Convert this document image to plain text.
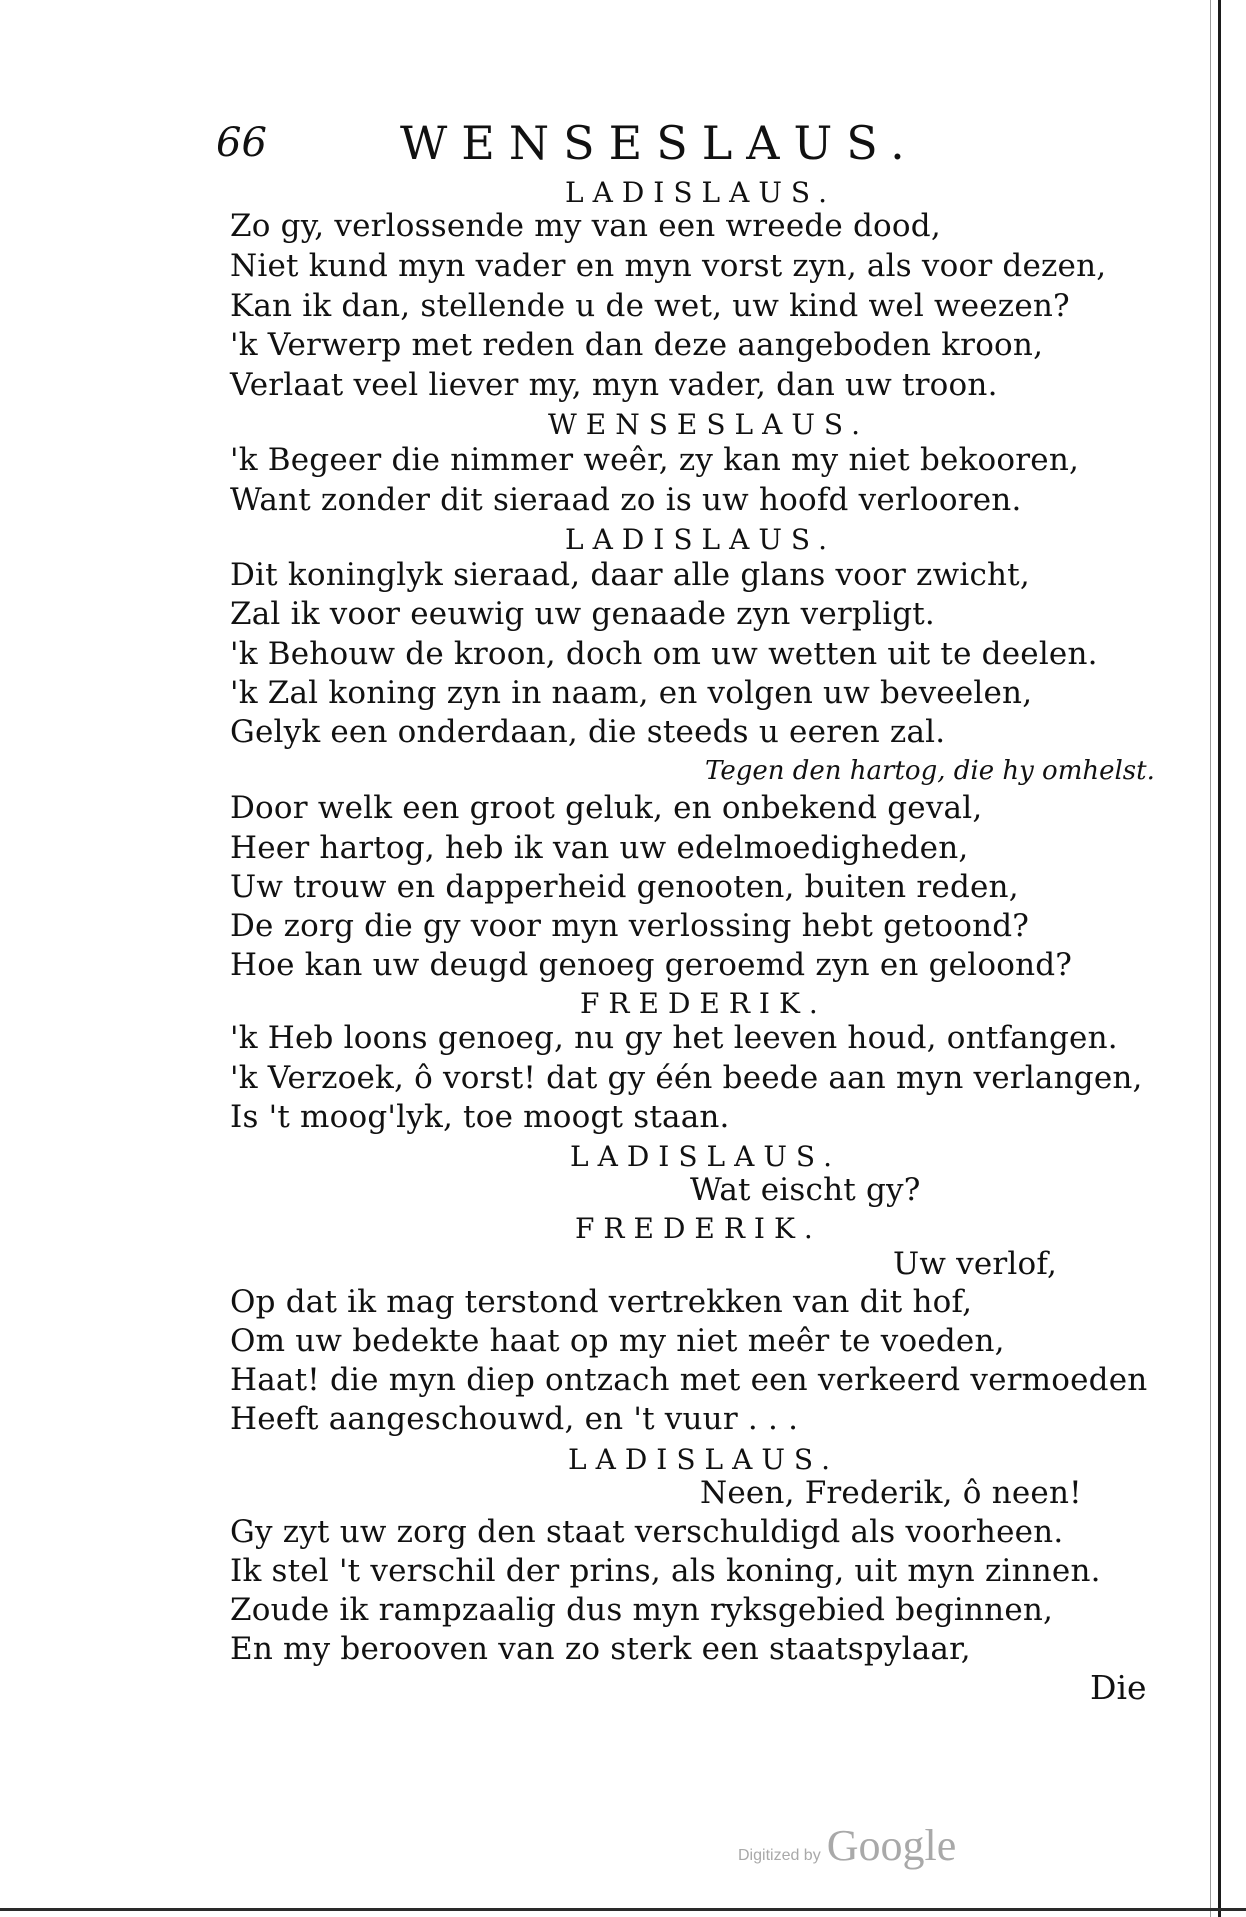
66	WENSESLAUS.
LADISLAUS.
Zo gy, verlossende my van een wreede dood,
Niet kund myn vader en myn vorst zyn, als voor dezen,
Kan ik dan, stellende u de wet, uw kind wel weezen?
'k Verwerp met reden dan deze aangeboden kroon,
Verlaat veel liever my, myn vader, dan uw troon.
WENSESLAUS.
'k Begeer die nimmer weêr, zy kan my niet bekooren,
Want zonder dit sieraad zo is uw hoofd verlooren.
LADISLAUS.
Dit koninglyk sieraad, daar alle glans voor zwicht,
Zal ik voor eeuwig uw genaade zyn verpligt.
'k Behouw de kroon, doch om uw wetten uit te deelen.
'k Zal koning zyn in naam, en volgen uw beveelen,
Gelyk een onderdaan, die steeds u eeren zal.
Tegen den hartog, die hy omhelst.
Door welk een groot geluk, en onbekend geval,
Heer hartog, heb ik van uw edelmoedigheden,
Uw trouw en dapperheid genooten, buiten reden,
De zorg die gy voor myn verlossing hebt getoond?
Hoe kan uw deugd genoeg geroemd zyn en geloond?
FREDERIK.
'k Heb loons genoeg, nu gy het leeven houd, ontfangen.
'k Verzoek, ô vorst! dat gy één beede aan myn verlangen,
Is 't moog'lyk, toe moogt staan.
LADISLAUS.
Wat eischt gy?
FREDERIK.
Uw verlof,
Op dat ik mag terstond vertrekken van dit hof,
Om uw bedekte haat op my niet meêr te voeden,
Haat! die myn diep ontzach met een verkeerd vermoeden
Heeft aangeschouwd, en 't vuur . . .
LADISLAUS.
Neen, Frederik, ô neen!
Gy zyt uw zorg den staat verschuldigd als voorheen.
Ik stel 't verschil der prins, als koning, uit myn zinnen.
Zoude ik rampzaalig dus myn ryksgebied beginnen,
En my berooven van zo sterk een staatspylaar,
Die
Digitized by Google
